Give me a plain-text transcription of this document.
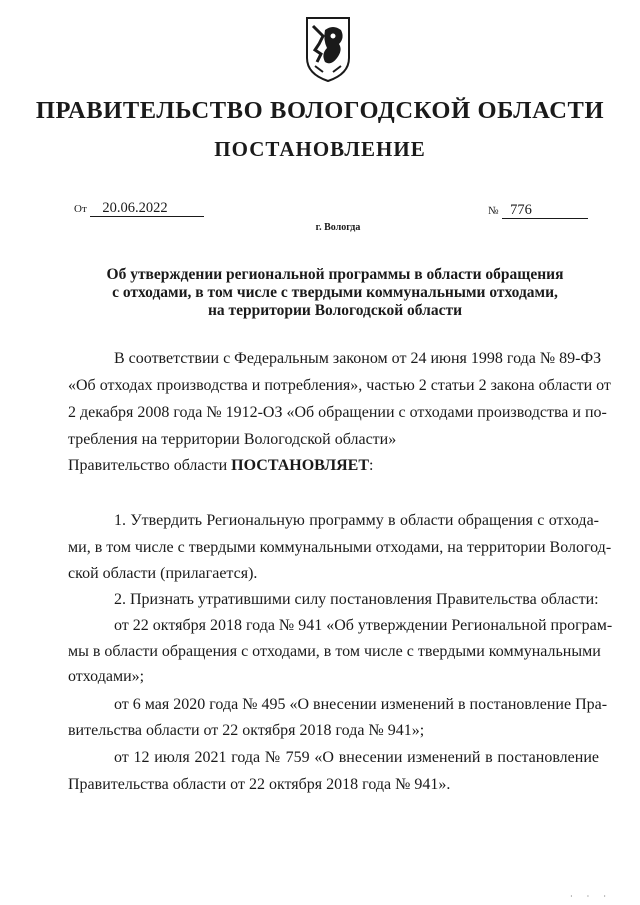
ПРАВИТЕЛЬСТВО ВОЛОГОДСКОЙ ОБЛАСТИ
ПОСТАНОВЛЕНИЕ
От 20.06.2022	№ 776
г. Вологда
Об утверждении региональной программы в области обращения
с отходами, в том числе с твердыми коммунальными отходами,
на территории Вологодской области
В соответствии с Федеральным законом от 24 июня 1998 года № 89-ФЗ
«Об отходах производства и потребления», частью 2 статьи 2 закона области от
2 декабря 2008 года № 1912-ОЗ «Об обращении с отходами производства и по-
требления на территории Вологодской области»
Правительство области ПОСТАНОВЛЯЕТ:
1. Утвердить Региональную программу в области обращения с отхода-
ми, в том числе с твердыми коммунальными отходами, на территории Вологод-
ской области (прилагается).
2. Признать утратившими силу постановления Правительства области:
от 22 октября 2018 года № 941 «Об утверждении Региональной програм-
мы в области обращения с отходами, в том числе с твердыми коммунальными
отходами»;
от 6 мая 2020 года № 495 «О внесении изменений в постановление Пра-
вительства области от 22 октября 2018 года № 941»;
от 12 июля 2021 года № 759 «О внесении изменений в постановление
Правительства области от 22 октября 2018 года № 941».
· · ·
